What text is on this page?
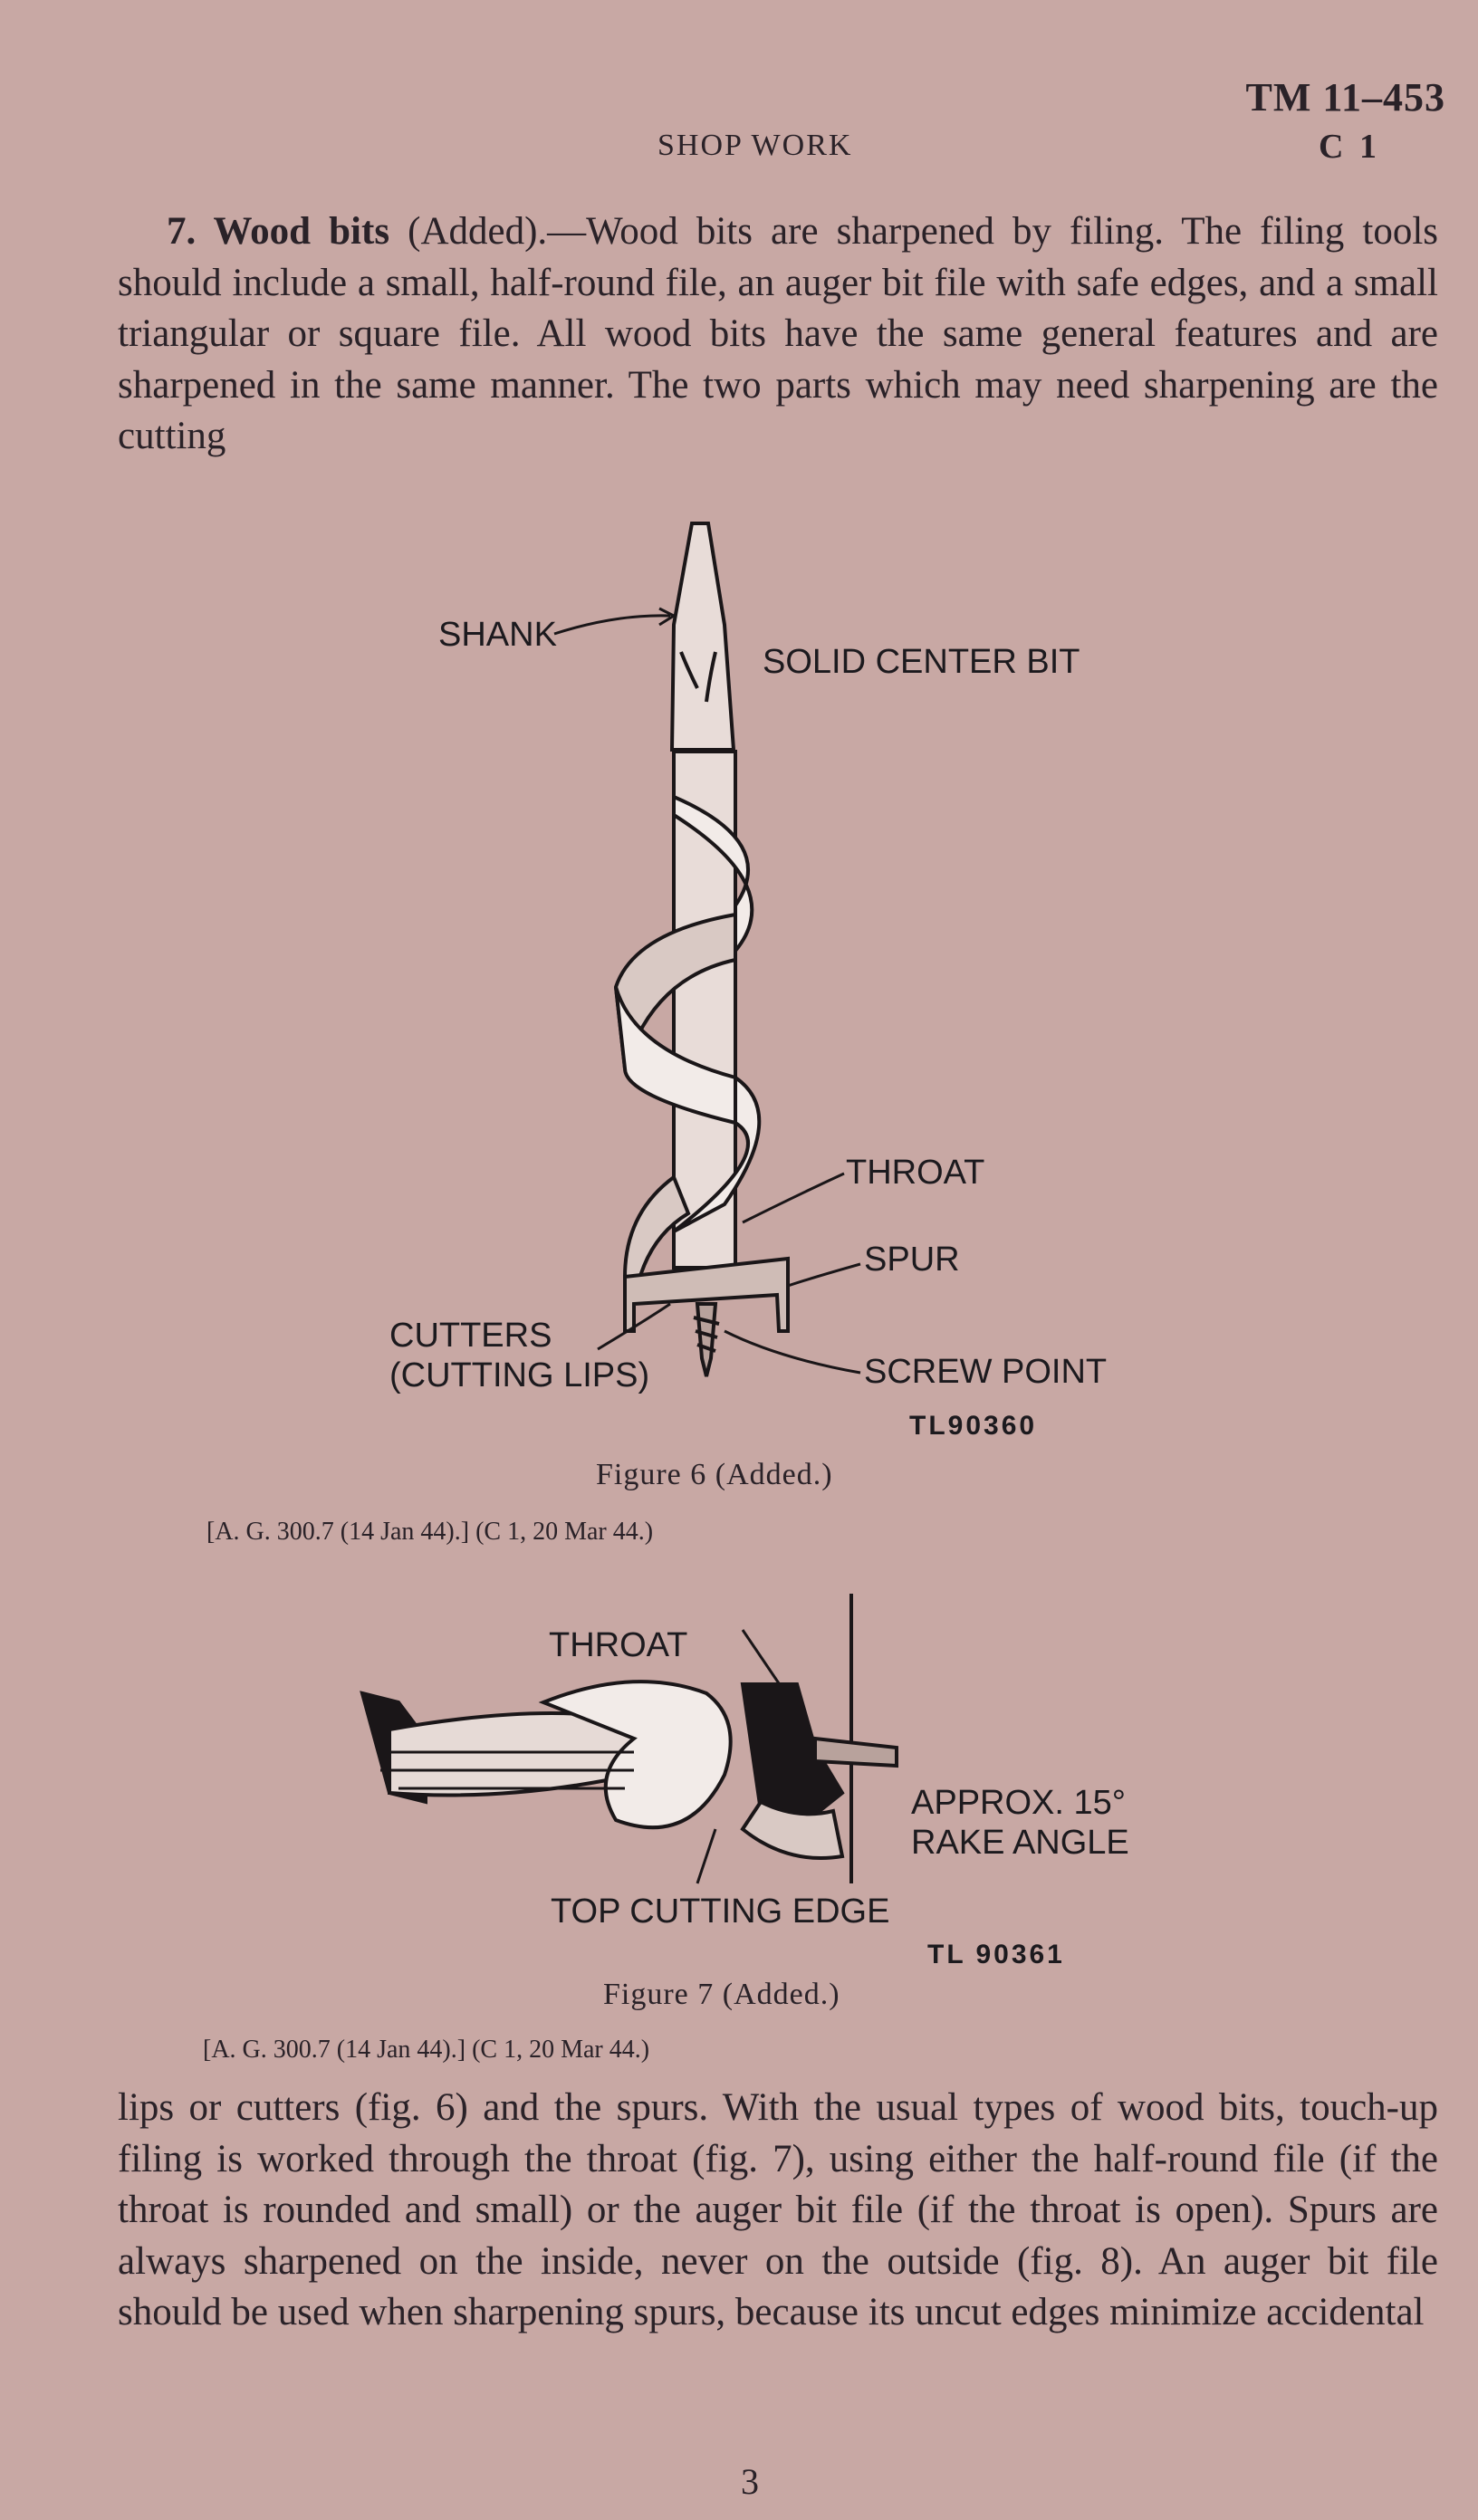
TM 11–453
SHOP WORK	C 1
7. Wood bits (Added).—Wood bits are sharpened by filing. The filing tools should include a small, half-round file, an auger bit file with safe edges, and a small triangular or square file. All wood bits have the same general features and are sharpened in the same manner. The two parts which may need sharpening are the cutting
SHANK
SOLID CENTER BIT
THROAT
SPUR
CUTTERS
(CUTTING LIPS)	SCREW POINT
TL90360
Figure 6 (Added.)
[A. G. 300.7 (14 Jan 44).] (C 1, 20 Mar 44.)
THROAT
APPROX. 15°
RAKE ANGLE
TOP CUTTING EDGE
TL 90361
Figure 7 (Added.)
[A. G. 300.7 (14 Jan 44).] (C 1, 20 Mar 44.)
lips or cutters (fig. 6) and the spurs. With the usual types of wood bits, touch-up filing is worked through the throat (fig. 7), using either the half-round file (if the throat is rounded and small) or the auger bit file (if the throat is open). Spurs are always sharpened on the inside, never on the outside (fig. 8). An auger bit file should be used when sharpening spurs, because its uncut edges minimize accidental
3
